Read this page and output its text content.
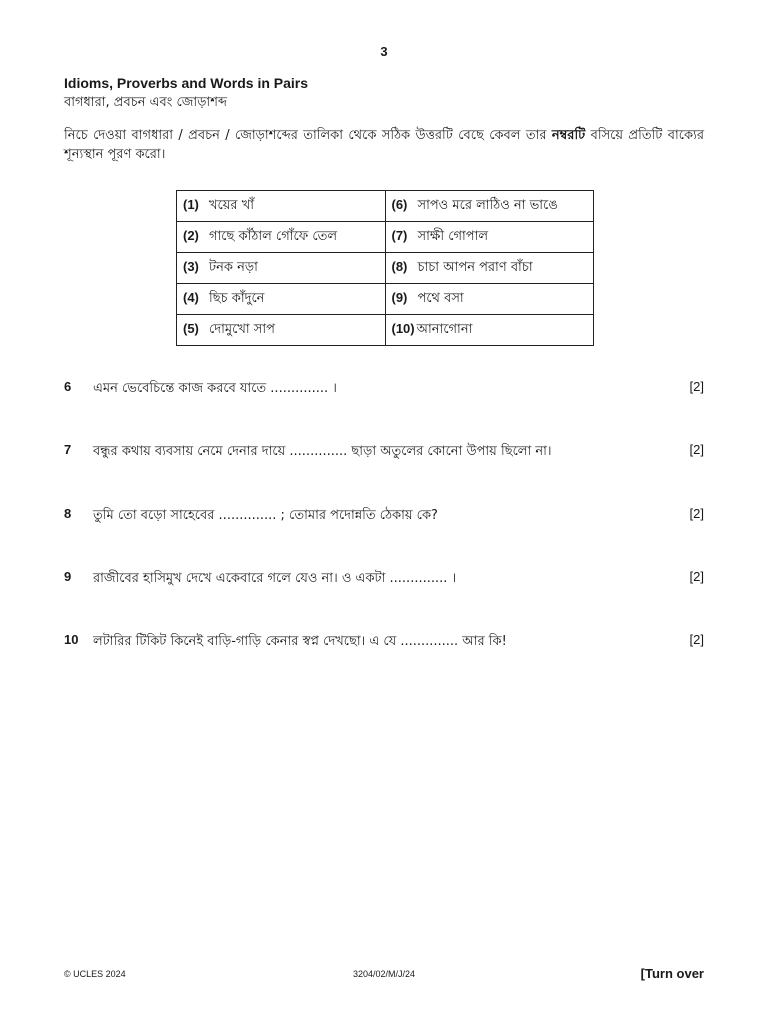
3
Idioms, Proverbs and Words in Pairs
বাগধারা, প্রবচন এবং জোড়াশব্দ
নিচে দেওয়া বাগধারা / প্রবচন / জোড়াশব্দের তালিকা থেকে সঠিক উত্তরটি বেছে কেবল তার নম্বরটি বসিয়ে প্রতিটি বাক্যের শূন্যস্থান পূরণ করো।
(1) খয়ের খাঁ	(6) সাপও মরে লাঠিও না ভাঙে
(2) গাছে কাঁঠাল গোঁফে তেল	(7) সাক্ষী গোপাল
(3) টনক নড়া	(8) চাচা আপন পরাণ বাঁচা
(4) ছিচ কাঁদুনে	(9) পথে বসা
(5) দোমুখো সাপ	(10) আনাগোনা
6 এমন ভেবেচিন্তে কাজ করবে যাতে .............. ।	[2]
7 বন্ধুর কথায় ব্যবসায় নেমে দেনার দায়ে .............. ছাড়া অতুলের কোনো উপায় ছিলো না।	[2]
8 তুমি তো বড়ো সাহেবের .............. ; তোমার পদোন্নতি ঠেকায় কে?	[2]
9 রাজীবের হাসিমুখ দেখে একেবারে গলে যেও না। ও একটা .............. ।	[2]
10 লটারির টিকিট কিনেই বাড়ি-গাড়ি কেনার স্বপ্ন দেখছো। এ যে .............. আর কি!	[2]
© UCLES 2024	3204/02/M/J/24	[Turn over
